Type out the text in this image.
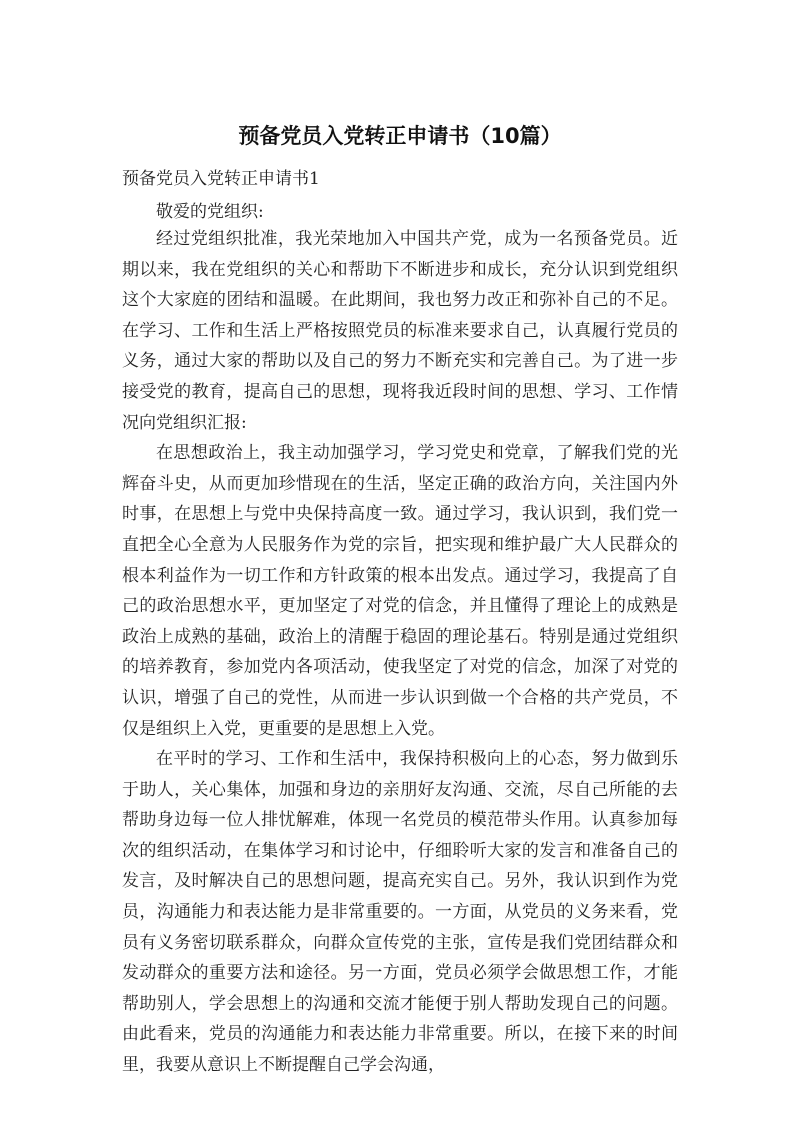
预备党员入党转正申请书（10篇）
预备党员入党转正申请书1
敬爱的党组织:

经过党组织批准，我光荣地加入中国共产党，成为一名预备党员。近期以来，我在党组织的关心和帮助下不断进步和成长，充分认识到党组织这个大家庭的团结和温暖。在此期间，我也努力改正和弥补自己的不足。在学习、工作和生活上严格按照党员的标准来要求自己，认真履行党员的义务，通过大家的帮助以及自己的努力不断充实和完善自己。为了进一步接受党的教育，提高自己的思想，现将我近段时间的思想、学习、工作情况向党组织汇报:

在思想政治上，我主动加强学习，学习党史和党章，了解我们党的光辉奋斗史，从而更加珍惜现在的生活，坚定正确的政治方向，关注国内外时事，在思想上与党中央保持高度一致。通过学习，我认识到，我们党一直把全心全意为人民服务作为党的宗旨，把实现和维护最广大人民群众的根本利益作为一切工作和方针政策的根本出发点。通过学习，我提高了自己的政治思想水平，更加坚定了对党的信念，并且懂得了理论上的成熟是政治上成熟的基础，政治上的清醒于稳固的理论基石。特别是通过党组织的培养教育，参加党内各项活动，使我坚定了对党的信念，加深了对党的认识，增强了自己的党性，从而进一步认识到做一个合格的共产党员，不仅是组织上入党，更重要的是思想上入党。

在平时的学习、工作和生活中，我保持积极向上的心态，努力做到乐于助人，关心集体，加强和身边的亲朋好友沟通、交流，尽自己所能的去帮助身边每一位人排忧解难，体现一名党员的模范带头作用。认真参加每次的组织活动，在集体学习和讨论中，仔细聆听大家的发言和准备自己的发言，及时解决自己的思想问题，提高充实自己。另外，我认识到作为党员，沟通能力和表达能力是非常重要的。一方面，从党员的义务来看，党员有义务密切联系群众，向群众宣传党的主张，宣传是我们党团结群众和发动群众的重要方法和途径。另一方面，党员必须学会做思想工作，才能帮助别人，学会思想上的沟通和交流才能便于别人帮助发现自己的问题。由此看来，党员的沟通能力和表达能力非常重要。所以，在接下来的时间里，我要从意识上不断提醒自己学会沟通，
